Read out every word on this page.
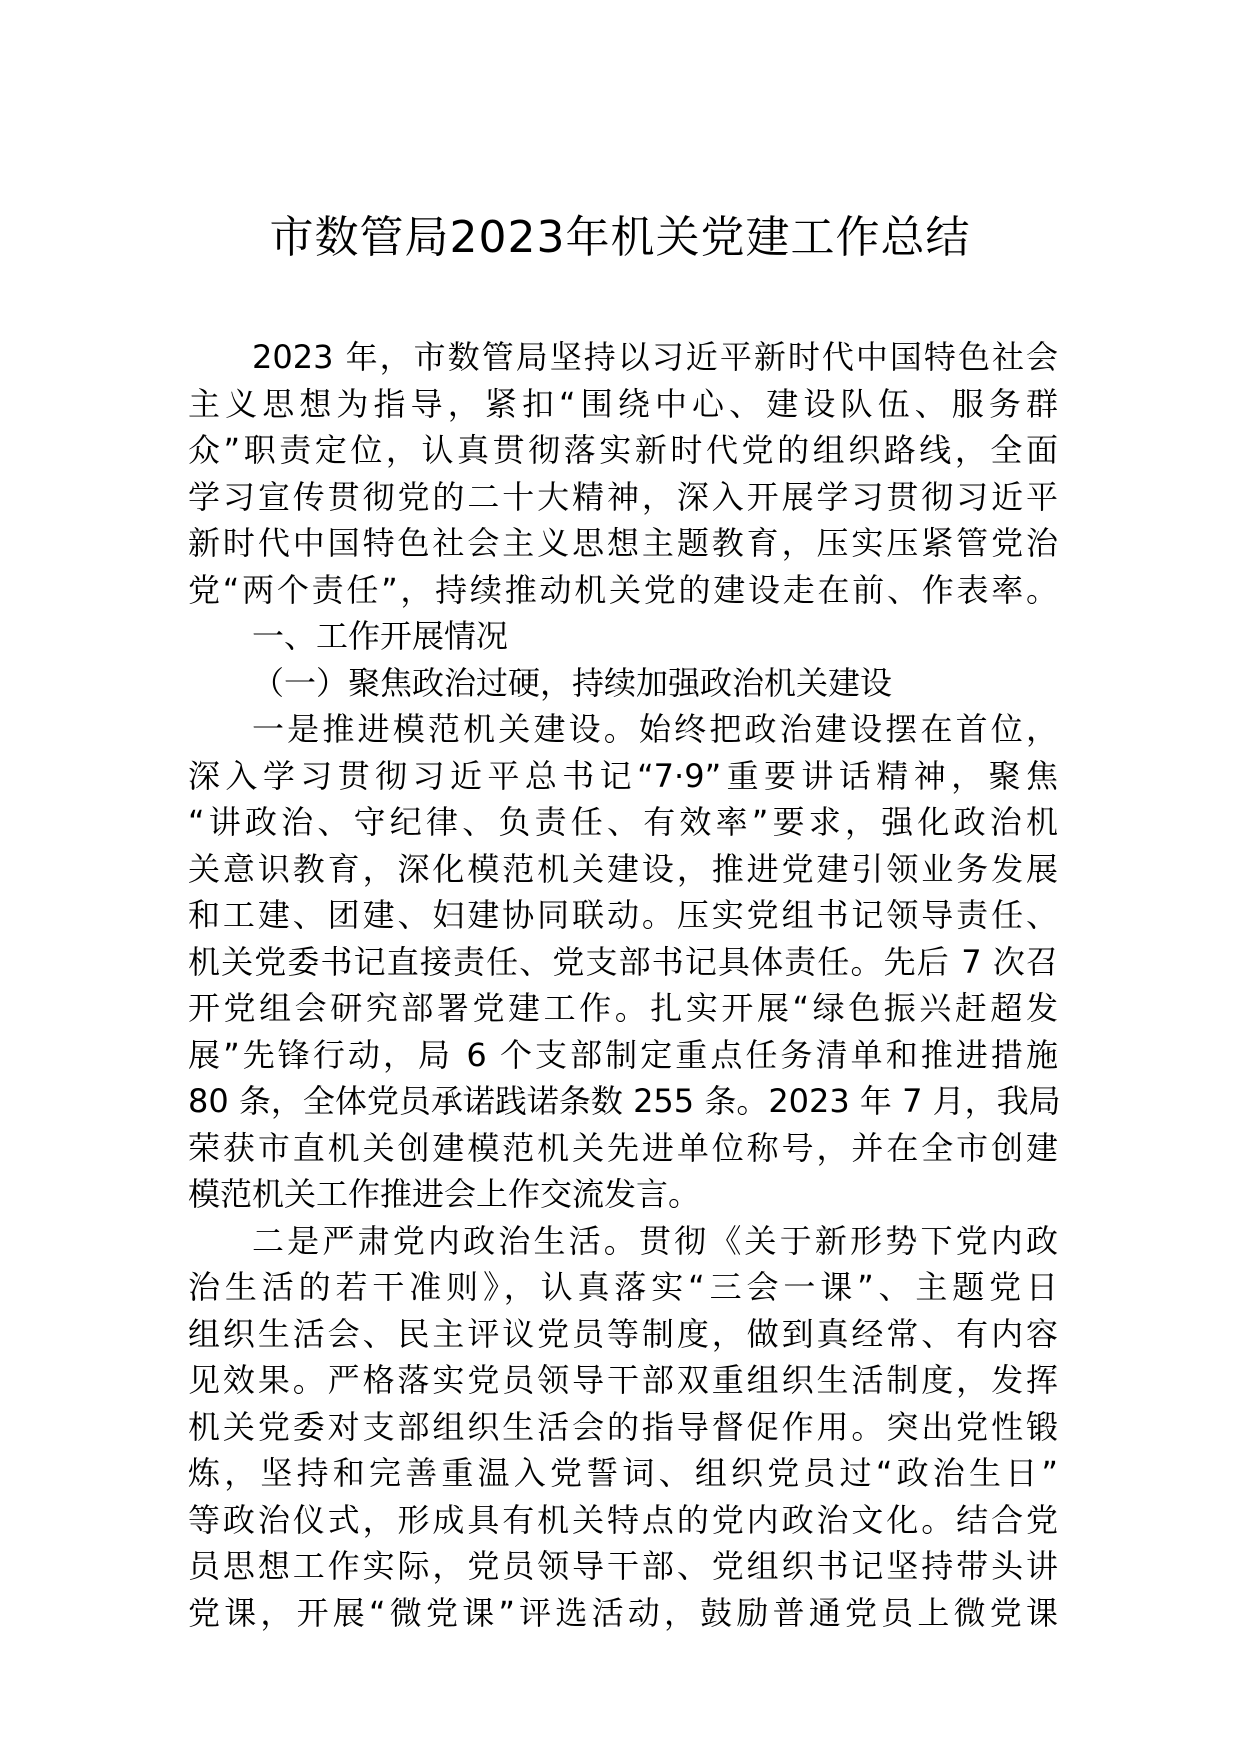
市数管局2023年机关党建工作总结
2023 年，市数管局坚持以习近平新时代中国特色社会
主义思想为指导，紧扣“围绕中心、建设队伍、服务群
众”职责定位，认真贯彻落实新时代党的组织路线，全面
学习宣传贯彻党的二十大精神，深入开展学习贯彻习近平
新时代中国特色社会主义思想主题教育，压实压紧管党治
党“两个责任”，持续推动机关党的建设走在前、作表率。
一、工作开展情况
（一）聚焦政治过硬，持续加强政治机关建设
一是推进模范机关建设。始终把政治建设摆在首位，
深入学习贯彻习近平总书记“7·9”重要讲话精神，聚焦
“讲政治、守纪律、负责任、有效率”要求，强化政治机
关意识教育，深化模范机关建设，推进党建引领业务发展
和工建、团建、妇建协同联动。压实党组书记领导责任、
机关党委书记直接责任、党支部书记具体责任。先后 7 次召
开党组会研究部署党建工作。扎实开展“绿色振兴赶超发
展”先锋行动，局 6 个支部制定重点任务清单和推进措施
80 条，全体党员承诺践诺条数 255 条。2023 年 7 月，我局
荣获市直机关创建模范机关先进单位称号，并在全市创建
模范机关工作推进会上作交流发言。
二是严肃党内政治生活。贯彻《关于新形势下党内政
治生活的若干准则》，认真落实“三会一课”、主题党日
组织生活会、民主评议党员等制度，做到真经常、有内容
见效果。严格落实党员领导干部双重组织生活制度，发挥
机关党委对支部组织生活会的指导督促作用。突出党性锻
炼，坚持和完善重温入党誓词、组织党员过“政治生日”
等政治仪式，形成具有机关特点的党内政治文化。结合党
员思想工作实际，党员领导干部、党组织书记坚持带头讲
党课，开展“微党课”评选活动，鼓励普通党员上微党课
